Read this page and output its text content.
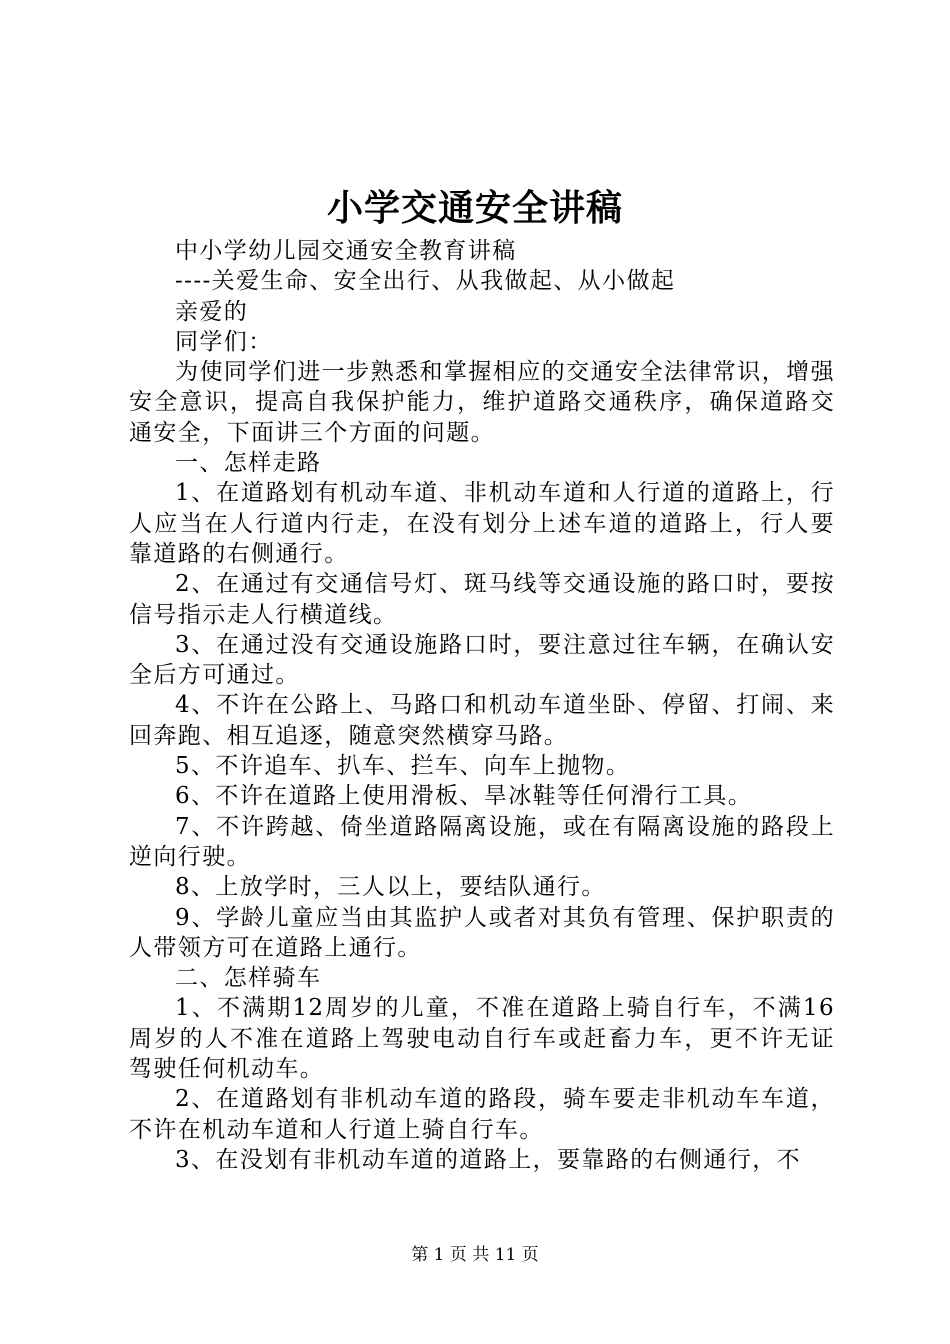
小学交通安全讲稿

中小学幼儿园交通安全教育讲稿

----关爱生命、安全出行、从我做起、从小做起

亲爱的

同学们：

为使同学们进一步熟悉和掌握相应的交通安全法律常识，增强安全意识，提高自我保护能力，维护道路交通秩序，确保道路交通安全，下面讲三个方面的问题。

一、怎样走路

1、在道路划有机动车道、非机动车道和人行道的道路上，行人应当在人行道内行走，在没有划分上述车道的道路上，行人要靠道路的右侧通行。

2、在通过有交通信号灯、斑马线等交通设施的路口时，要按信号指示走人行横道线。

3、在通过没有交通设施路口时，要注意过往车辆，在确认安全后方可通过。

4、不许在公路上、马路口和机动车道坐卧、停留、打闹、来回奔跑、相互追逐，随意突然横穿马路。

5、不许追车、扒车、拦车、向车上抛物。

6、不许在道路上使用滑板、旱冰鞋等任何滑行工具。

7、不许跨越、倚坐道路隔离设施，或在有隔离设施的路段上逆向行驶。

8、上放学时，三人以上，要结队通行。

9、学龄儿童应当由其监护人或者对其负有管理、保护职责的人带领方可在道路上通行。

二、怎样骑车

1、不满期12周岁的儿童，不准在道路上骑自行车，不满16周岁的人不准在道路上驾驶电动自行车或赶畜力车，更不许无证驾驶任何机动车。

2、在道路划有非机动车道的路段，骑车要走非机动车车道，不许在机动车道和人行道上骑自行车。

3、在没划有非机动车道的道路上，要靠路的右侧通行，不

第 1 页 共 11 页
